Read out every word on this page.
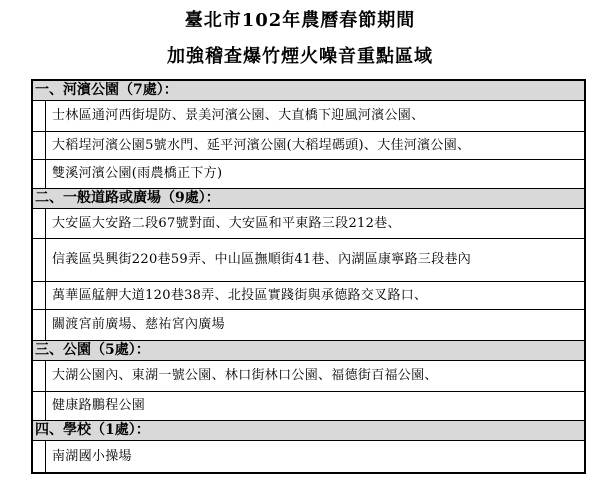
臺北市102年農曆春節期間
加強稽查爆竹煙火噪音重點區域
一、河濱公園（7處）：
士林區通河西街堤防、景美河濱公園、大直橋下迎風河濱公園、
大稻埕河濱公園5號水門、延平河濱公園(大稻埕碼頭)、大佳河濱公園、
雙溪河濱公園(雨農橋正下方)
二、一般道路或廣場（9處）：
大安區大安路二段67號對面、大安區和平東路三段212巷、
信義區吳興街220巷59弄、中山區撫順街41巷、內湖區康寧路三段巷內
萬華區艋舺大道120巷38弄、北投區實踐街與承德路交叉路口、
關渡宮前廣場、慈祐宮內廣場
三、公園（5處）：
大湖公園內、東湖一號公園、林口街林口公園、福德街百福公園、
健康路鵬程公園
四、學校（1處）：
南湖國小操場
